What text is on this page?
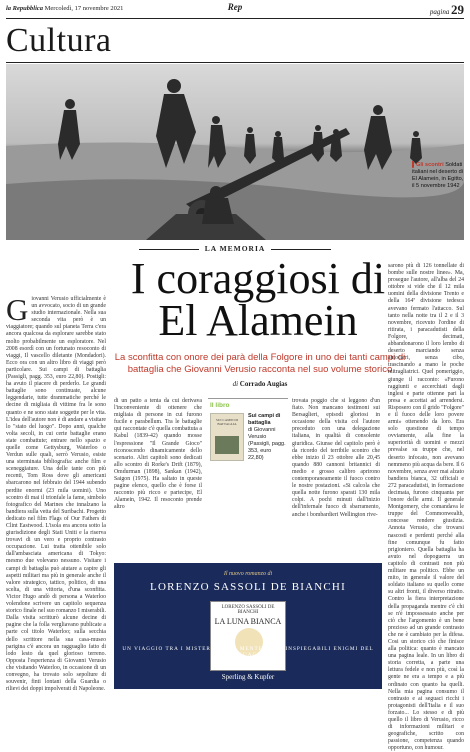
la Repubblica Mercoledì, 17 novembre 2021	Rep	pagina 29
Cultura
▌Gli scontri Soldati italiani nel deserto di El Alamein, in Egitto, il 5 novembre 1942
LA MEMORIA
I coraggiosi di El Alamein
La sconfitta con onore dei parà della Folgore in uno dei tanti campi di battaglia che Giovanni Verusio racconta nel suo volume storico
di Corrado Augias
Giovanni Verusio ufficialmente è un avvocato, socio di un grande studio internazionale. Nella sua seconda vita però è un viaggiatore; quando sul pianeta Terra c'era ancora qualcosa da esplorare sarebbe stato molto probabilmente un esploratore. Nel 2008 esordì con un fortunato resoconto di viaggi, Il vascello diletante (Mondadori). Ecco ora con un altro libro di viaggi però particolare. Sui campi di battaglia (Passigli, pagg. 353, euro 22,80). Postigli: ha avuto il piacere di perderlo. Le grandi battaglie sono continuate, alcune leggendarie, tutte drammatiche perché le decine di migliaia di vittime fra le sono quanto e ne sono state soggette per le vita. L'idea dell'autore non è di andare a visitare lo "stato del luogo". Dopo anni, qualche volta secoli, in cui certe battaglie erano state combattute; entrare nello spazio e quelle come Gettysburg, Waterloo o Verdun sulle quali, serrò Verusio, esiste una sterminata bibliografia: anche film e sceneggiature. Una delle tante con più recenti, Tom Ross dove gli americani sbarcarono nel febbraio del 1944 subendo perdite enormi (23 mila uomini). Uno scontro di mai il trionfale la fame, simbolo fotografico del Marines che innalzano la bandiera sulla vetta del Suribachi. Progetto dedicato nel film Flags of Our Fathers di Clint Eastwood. L'isola era ancora sotto la giurisdizione degli Stati Uniti e la riserva trovavi di un vero e proprio contrasto occupazione. Lui tratta ottenibile solo dall'ambasciata americana di Tokyo: mesmo due volevano nessuno. Visitare i campi di battaglia può aiutare a capire gli aspetti militari ma più in generale anche il valore strategico, tattico, politico, di una scelta, di una vittoria, d'una sconfitta. Victor Hugo andò di persona a Waterloo volendone scrivere un capitolo sequenza storico finale nel suo romanzo I miserabili. Dalla visita scritturò alcune decine di pagine che la folla vergliavano publicate a parte col titolo Waterloo; sulla secchia dello scrittore nella sua casa-museo parigina c'è ancora un ragguaglio fatto di lodo lesto da quel glorioso terreno. Opposta l'esperienza di Giovanni Verusio che visitando Waterloo, in occasione di un convegno, ha trovato solo sepolture di souvenir, finti lontani della Guardia o rilievi dei doppi impolverati di Napoleone.
di un patto a tenta da cui derivava l'inconveniente di ottenere che migliaia di persone in cui furono fucile e parabellum. Tra le battaglie qui raccontate c'è quella combattuta a Kabul (1839-42) quando mosse l'espressione "Il Grande Gioco" riconoscendo dinamicamente dello scenario. Altri capitoli sono dedicati allo scontro di Rorke's Drift (1879), Omdurman (1898), Sankan (1942), Saigon (1975). Ha saltato in queste pagine elenco, quello che è forse il racconto più ricco e partecipe, El Alamein, 1942. Il resoconto prende altro
Il libro
SUI CAMPI DI BATTAGLIA
Sui campi di battaglia
di Giovanni Verusio
(Passigli, pagg. 353, euro 22,80)
trovata poggio che si leggono d'un fiato. Non mancano testimoni sui Bersaglieri, episodi gloriosi in occasione della visita col l'autore preceduto con una delegazione italiana, in qualità di consolente giuridica. Giunse del capitolo però è da ricordo del terribile scontro che ebbe inizio il 23 ottobre alle 20,45 quando 880 cannoni britannici di medio e grosso calibro aprirono contemporaneamente il fuoco contro le nostre postazioni. «Si calcola che quella notte furono sparati 130 mila colpi. A pochi minuti dall'inizio dell'infernale fuoco di sbarramento, anche i bombardieri Wellington rive-
sarono più di 126 tonnellate di bombe sulle nostre linee». Ma, prosegue l'autore, all'alba del 24 ottobre si vide che il 12 mila uomini della divisione Trento e della 164ª divisione tedesca avevano fermato l'attacco. Sul tanto nella notte tra il 2 e il 3 novembre, ricevuto l'ordine di ritirata, i paracadutisti della Folgore, decimati, abbandonarono il loro lembo di deserto marciando senza autocarri, senza cibo, trascinando a mano le poche mitragliatrici. Quel pomeriggio, giunge il racconto: «Furono raggiunti e accerchiati dagli inglesi e parte ottenne pari la presa e accettai ad arrendersi. Risposero con il grido "Folgore" e il fuoco delle loro povere armi» ottenendo da loro. Era solo questione di tempo ovviamente, alla fine la superiorità di uomini e mezzi prevalse su truppe che, nel deserto infocato, non avevano nemmeno più acqua da bere. Il 6 novembre, senza aver mai alzato bandiera bianca, 32 ufficiali e 272 paracadutisti, in formazione decimata, furono cinquanta per l'onore delle armi. Il generale Montgomery, che comandava le truppe del Commonwealth, concesse rendere giustizia. Annota Verusio, che trovarsi nascosti e perdenti perché alla fine comunque fu fatto prigioniero. Quella battaglia ha avuto nel dopoguerra un capitolo di contrasti non più militare ma politico. Ebbe un mito, in generale il valore del soldato italiano su quello come su altri fronti, il diverso ritratto. Contro la fiera interpretazione della propaganda mentre c'è chi se n'è impossessato anche per ciò che l'argomento è un bene prezioso ad un grande contrasto che ne è cambiato per la difesa. Cosi un storico ciò che finisce alla politica: quanto è mancato una pagina leale. In un libro di storia corretta, a parte una lettura fedele e non più, così la gente ne era a tempo e a più ordinato con quanto ha quelli. Nella mia pagina consumo il contrasto e ai seguaci ricchi i protagonisti dell'Italia e il suo forzato... Lo stesso e di più quello il libro di Verusio, ricco di informazioni militari e geografiche, scritto con passione, competenza quando opportuno, con humour.
Il nuovo romanzo di
LORENZO SASSOLI DE BIANCHI
LORENZO SASSOLI DE BIANCHI
LA LUNA BIANCA
UN VIAGGIO TRA I MISTERI DELLA MENTE E GLI INSPIEGABILI ENIGMI DEL LINGUAGGIO
Sperling & Kupfer
